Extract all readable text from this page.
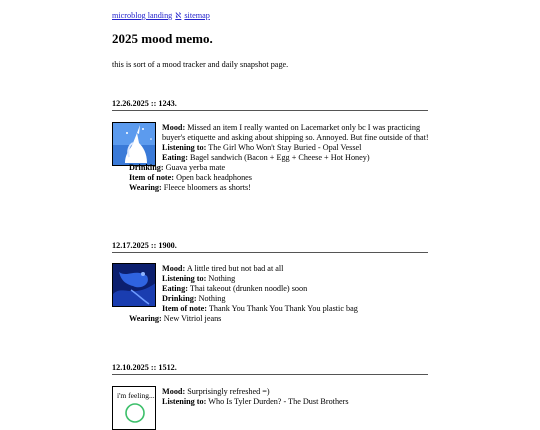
microblog landing ℵ sitemap
2025 mood memo.
this is sort of a mood tracker and daily snapshot page.
12.26.2025 :: 1243.

Mood: Missed an item I really wanted on Lacemarket only bc I was practicing buyer's etiquette and asking about shipping so. Annoyed. But fine outside of that!

Listening to: The Girl Who Won't Stay Buried - Opal Vessel

Eating: Bagel sandwich (Bacon + Egg + Cheese + Hot Honey)

Drinking: Guava yerba mate

Item of note: Open back headphones

Wearing: Fleece bloomers as shorts!

12.17.2025 :: 1900.

Mood: A little tired but not bad at all

Listening to: Nothing

Eating: Thai takeout (drunken noodle) soon

Drinking: Nothing

Item of note: Thank You Thank You Thank You plastic bag

Wearing: New Vitriol jeans

12.10.2025 :: 1512.
i'm feeling... Mood: Surprisingly refreshed =)

Listening to: Who Is Tyler Durden? - The Dust Brothers
